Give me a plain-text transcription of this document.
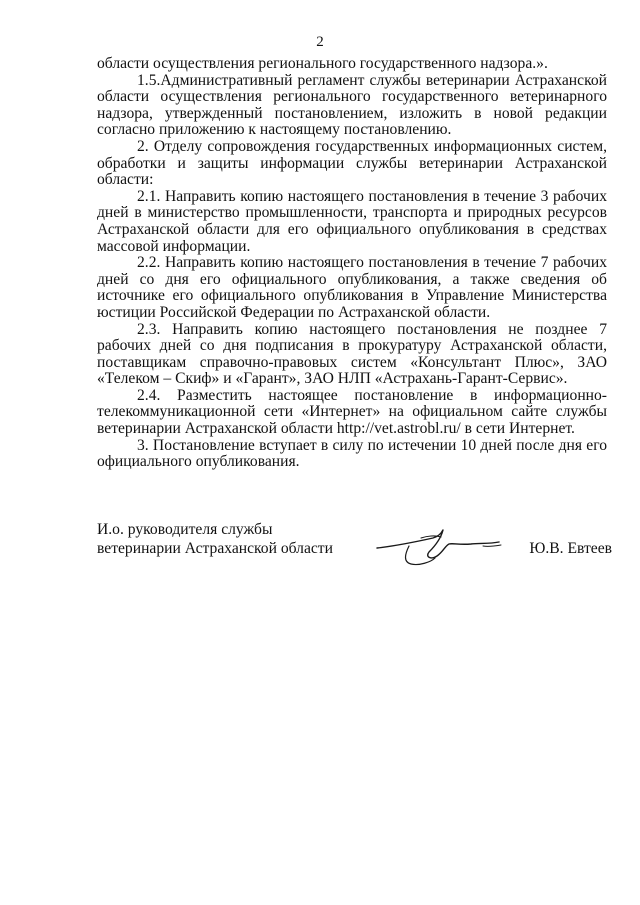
2

области осуществления регионального государственного надзора.».

1.5.Административный регламент службы ветеринарии Астраханской области осуществления регионального государственного ветеринарного надзора, утвержденный постановлением, изложить в новой редакции согласно приложению к настоящему постановлению.

2. Отделу сопровождения государственных информационных систем, обработки и защиты информации службы ветеринарии Астраханской области:

2.1. Направить копию настоящего постановления в течение 3 рабочих дней в министерство промышленности, транспорта и природных ресурсов Астраханской области для его официального опубликования в средствах массовой информации.

2.2. Направить копию настоящего постановления в течение 7 рабочих дней со дня его официального опубликования, а также сведения об источнике его официального опубликования в Управление Министерства юстиции Российской Федерации по Астраханской области.

2.3. Направить копию настоящего постановления не позднее 7 рабочих дней со дня подписания в прокуратуру Астраханской области, поставщикам справочно-правовых систем «Консультант Плюс», ЗАО «Телеком – Скиф» и «Гарант», ЗАО НЛП «Астрахань-Гарант-Сервис».

2.4. Разместить настоящее постановление в информационно-телекоммуникационной сети «Интернет» на официальном сайте службы ветеринарии Астраханской области http://vet.astrobl.ru/ в сети Интернет.

3. Постановление вступает в силу по истечении 10 дней после дня его официального опубликования.

И.о. руководителя службы
ветеринарии Астраханской области	Ю.В. Евтеев
